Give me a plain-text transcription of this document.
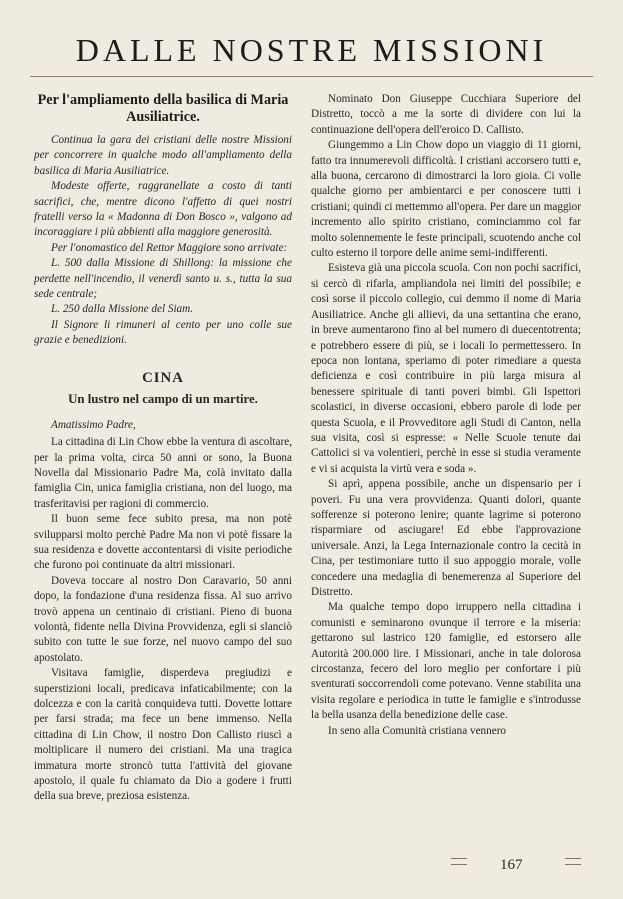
DALLE NOSTRE MISSIONI
Per l'ampliamento della basilica di Maria Ausiliatrice.

Continua la gara dei cristiani delle nostre Missioni per concorrere in qualche modo all'ampliamento della basilica di Maria Ausiliatrice.

Modeste offerte, raggranellate a costo di tanti sacrifici, che, mentre dicono l'affetto di quei nostri fratelli verso la « Madonna di Don Bosco », valgono ad incoraggiare i più abbienti alla maggiore generosità.

Per l'onomastico del Rettor Maggiore sono arrivate:

L. 500 dalla Missione di Shillong: la missione che perdette nell'incendio, il venerdì santo u. s., tutta la sua sede centrale;

L. 250 dalla Missione del Siam.

Il Signore li rimuneri al cento per uno colle sue grazie e benedizioni.

CINA
Un lustro nel campo di un martire.

Amatissimo Padre,

La cittadina di Lin Chow ebbe la ventura di ascoltare, per la prima volta, circa 50 anni or sono, la Buona Novella dal Missionario Padre Ma, colà invitato dalla famiglia Cin, unica famiglia cristiana, non del luogo, ma trasferitavisi per ragioni di commercio.

Il buon seme fece subito presa, ma non potè svilupparsi molto perchè Padre Ma non vi potè fissare la sua residenza e dovette accontentarsi di visite periodiche che furono poi continuate da altri missionari.

Doveva toccare al nostro Don Caravario, 50 anni dopo, la fondazione d'una residenza fissa. Al suo arrivo trovò appena un centinaio di cristiani. Pieno di buona volontà, fidente nella Divina Provvidenza, egli si slanciò subito con tutte le sue forze, nel nuovo campo del suo apostolato.

Visitava famiglie, disperdeva pregiudizi e superstizioni locali, predicava infaticabilmente; con la dolcezza e con la carità conquideva tutti. Dovette lottare per farsi strada; ma fece un bene immenso. Nella cittadina di Lin Chow, il nostro Don Callisto riuscì a moltiplicare il numero dei cristiani. Ma una tragica immatura morte stroncò tutta l'attività del giovane apostolo, il quale fu chiamato da Dio a godere i frutti della sua breve, preziosa esistenza.

Nominato Don Giuseppe Cucchiara Superiore del Distretto, toccò a me la sorte di dividere con lui la continuazione dell'opera dell'eroico D. Callisto.

Giungemmo a Lin Chow dopo un viaggio di 11 giorni, fatto tra innumerevoli difficoltà. I cristiani accorsero tutti e, alla buona, cercarono di dimostrarci la loro gioia. Ci volle qualche giorno per ambientarci e per conoscere tutti i cristiani; quindi ci mettemmo all'opera. Per dare un maggior incremento allo spirito cristiano, cominciammo col far molto solennemente le feste principali, scuotendo anche col culto esterno il torpore delle anime semi-indifferenti.

Esisteva già una piccola scuola. Con non pochi sacrifici, si cercò di rifarla, ampliandola nei limiti del possibile; e così sorse il piccolo collegio, cui demmo il nome di Maria Ausiliatrice. Anche gli allievi, da una settantina che erano, in breve aumentarono fino al bel numero di duecentotrenta; e potrebbero essere di più, se i locali lo permettessero. In epoca non lontana, speriamo di poter rimediare a questa deficienza e così contribuire in più larga misura al benessere spirituale di tanti poveri bimbi. Gli Ispettori scolastici, in diverse occasioni, ebbero parole di lode per questa Scuola, e il Provveditore agli Studi di Canton, nella sua visita, così si espresse: « Nelle Scuole tenute dai Cattolici si va volentieri, perchè in esse si studia veramente e vi si acquista la virtù vera e soda ».

Si aprì, appena possibile, anche un dispensario per i poveri. Fu una vera provvidenza. Quanti dolori, quante sofferenze si poterono lenire; quante lagrime si poterono risparmiare od asciugare! Ed ebbe l'approvazione universale. Anzi, la Lega Internazionale contro la cecità in Cina, per testimoniare tutto il suo appoggio morale, volle concedere una medaglia di benemerenza al Superiore del Distretto.

Ma qualche tempo dopo irruppero nella cittadina i comunisti e seminarono ovunque il terrore e la miseria: gettarono sul lastrico 120 famiglie, ed estorsero alle Autorità 200.000 lire. I Missionari, anche in tale dolorosa circostanza, fecero del loro meglio per confortare i più sventurati soccorrendoli come potevano. Venne stabilita una visita regolare e periodica in tutte le famiglie e s'introdusse la bella usanza della benedizione delle case.

In seno alla Comunità cristiana vennero

167
